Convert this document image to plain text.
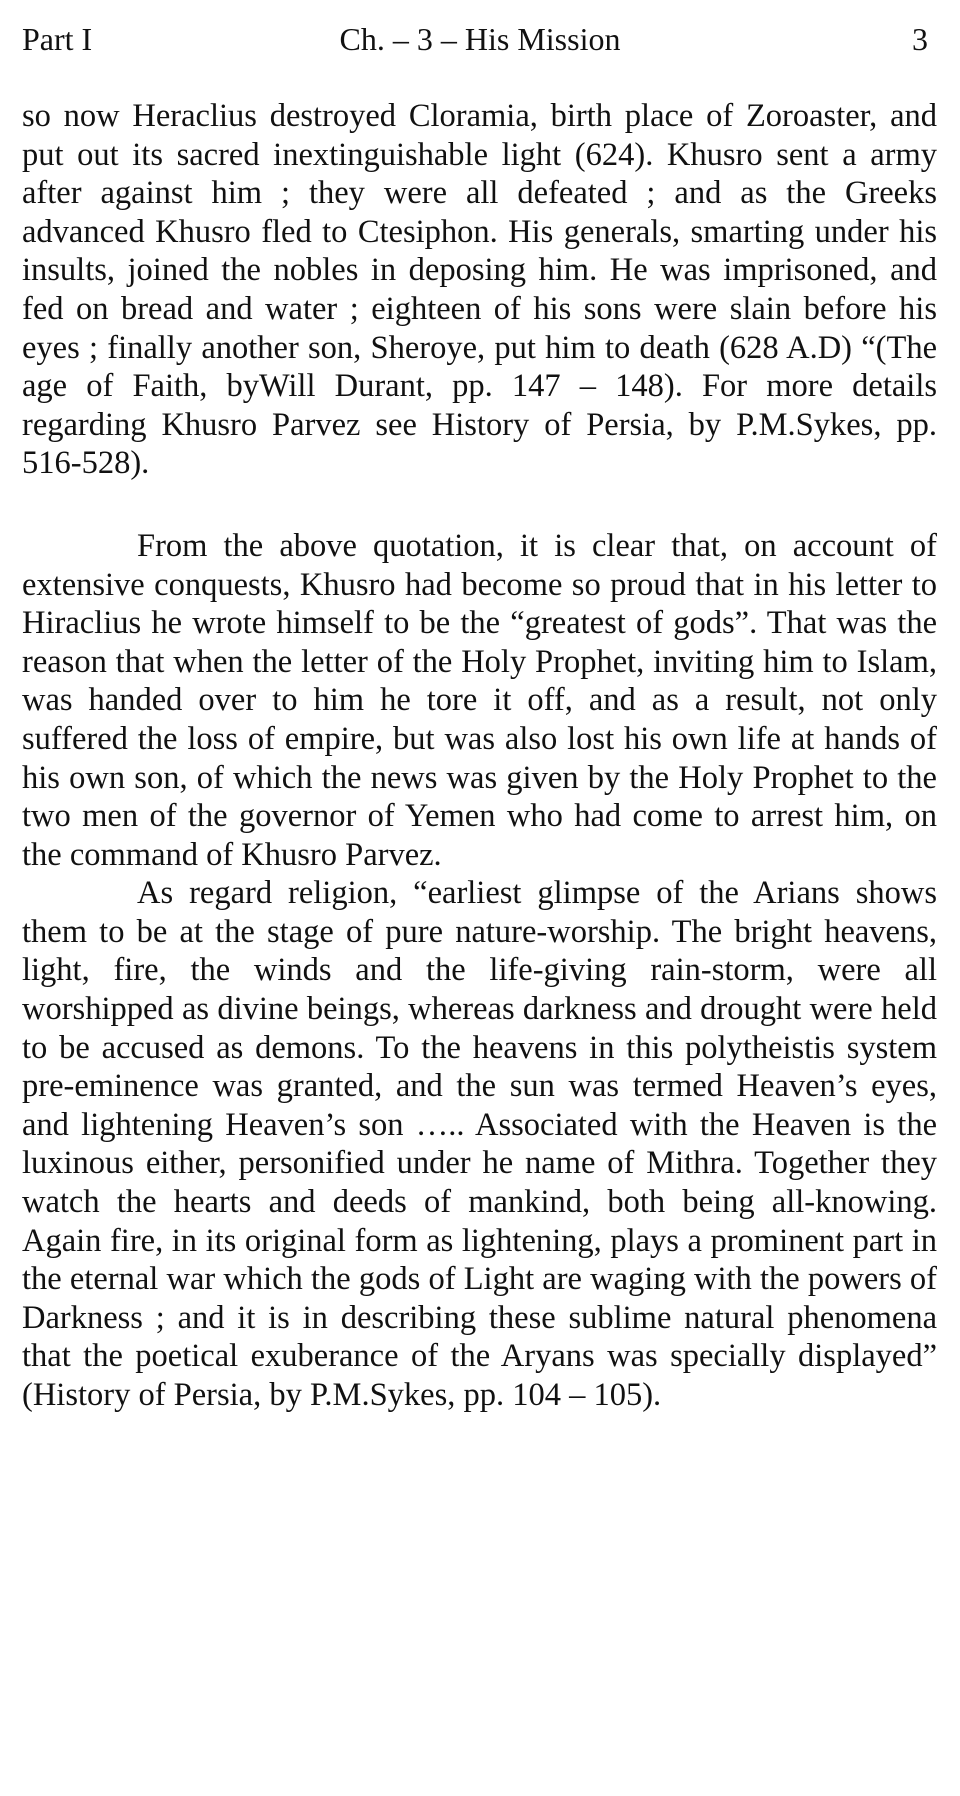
Part I	Ch. – 3 – His Mission	3

so now Heraclius destroyed Cloramia, birth place of Zoroaster, and put out its sacred inextinguishable light (624). Khusro sent a army after against him ; they were all defeated ; and as the Greeks advanced Khusro fled to Ctesiphon. His generals, smarting under his insults, joined the nobles in deposing him. He was imprisoned, and fed on bread and water ; eighteen of his sons were slain before his eyes ; finally another son, Sheroye, put him to death (628 A.D) “(The age of Faith, byWill Durant, pp. 147 – 148). For more details regarding Khusro Parvez see History of Persia, by P.M.Sykes, pp. 516-528).

From the above quotation, it is clear that, on account of extensive conquests, Khusro had become so proud that in his letter to Hiraclius he wrote himself to be the “greatest of gods”. That was the reason that when the letter of the Holy Prophet, inviting him to Islam, was handed over to him he tore it off, and as a result, not only suffered the loss of empire, but was also lost his own life at hands of his own son, of which the news was given by the Holy Prophet to the two men of the governor of Yemen who had come to arrest him, on the command of Khusro Parvez.

As regard religion, “earliest glimpse of the Arians shows them to be at the stage of pure nature-worship. The bright heavens, light, fire, the winds and the life-giving rain-storm, were all worshipped as divine beings, whereas darkness and drought were held to be accused as demons. To the heavens in this polytheistis system pre-eminence was granted, and the sun was termed Heaven’s eyes, and lightening Heaven’s son ….. Associated with the Heaven is the luxinous either, personified under he name of Mithra. Together they watch the hearts and deeds of mankind, both being all-knowing. Again fire, in its original form as lightening, plays a prominent part in the eternal war which the gods of Light are waging with the powers of Darkness ; and it is in describing these sublime natural phenomena that the poetical exuberance of the Aryans was specially displayed” (History of Persia, by P.M.Sykes, pp. 104 – 105).
